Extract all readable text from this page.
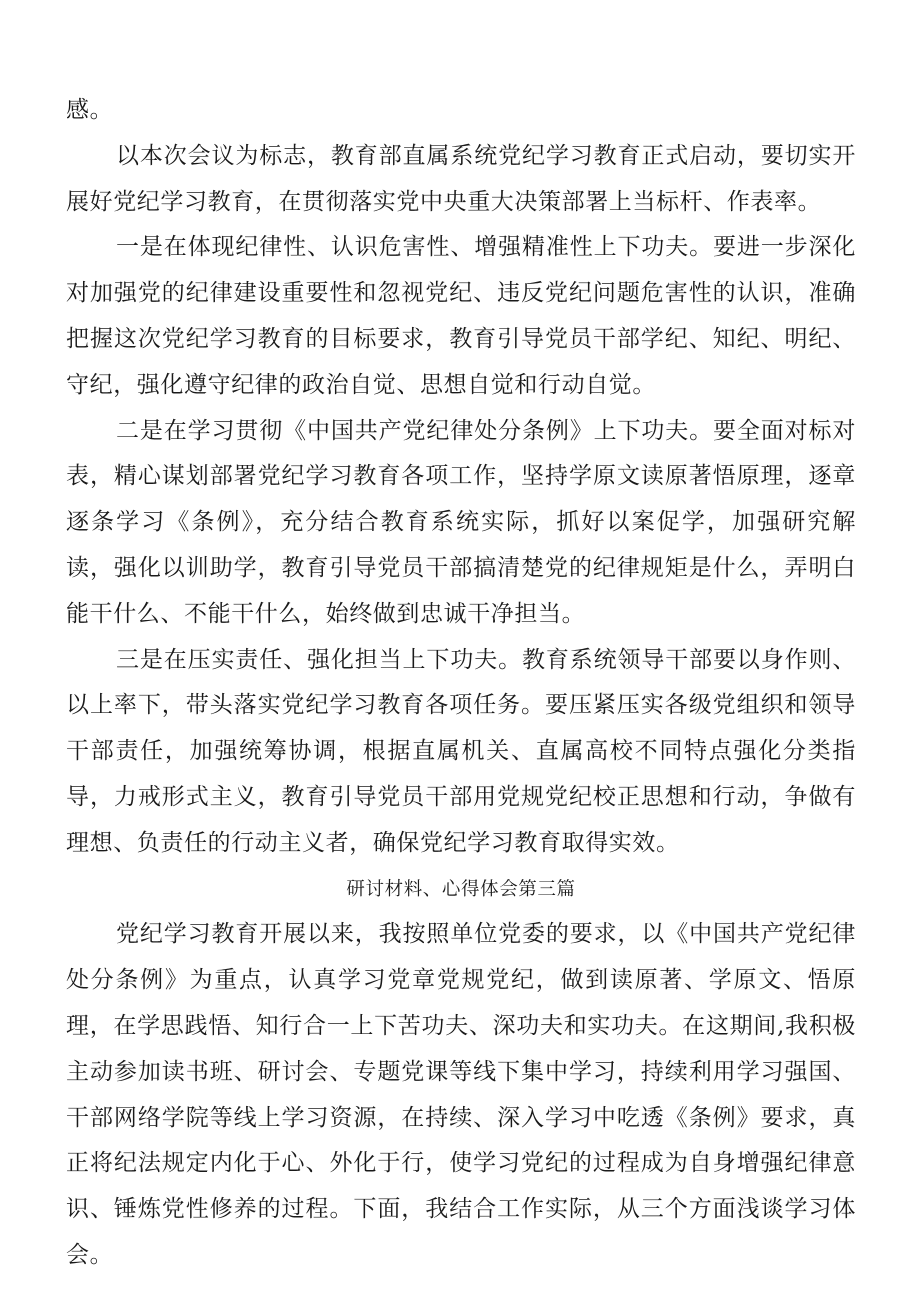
感。

以本次会议为标志，教育部直属系统党纪学习教育正式启动，要切实开展好党纪学习教育，在贯彻落实党中央重大决策部署上当标杆、作表率。

一是在体现纪律性、认识危害性、增强精准性上下功夫。要进一步深化对加强党的纪律建设重要性和忽视党纪、违反党纪问题危害性的认识，准确把握这次党纪学习教育的目标要求，教育引导党员干部学纪、知纪、明纪、守纪，强化遵守纪律的政治自觉、思想自觉和行动自觉。

二是在学习贯彻《中国共产党纪律处分条例》上下功夫。要全面对标对表，精心谋划部署党纪学习教育各项工作，坚持学原文读原著悟原理，逐章逐条学习《条例》，充分结合教育系统实际，抓好以案促学，加强研究解读，强化以训助学，教育引导党员干部搞清楚党的纪律规矩是什么，弄明白能干什么、不能干什么，始终做到忠诚干净担当。

三是在压实责任、强化担当上下功夫。教育系统领导干部要以身作则、以上率下，带头落实党纪学习教育各项任务。要压紧压实各级党组织和领导干部责任，加强统筹协调，根据直属机关、直属高校不同特点强化分类指导，力戒形式主义，教育引导党员干部用党规党纪校正思想和行动，争做有理想、负责任的行动主义者，确保党纪学习教育取得实效。

研讨材料、心得体会第三篇

党纪学习教育开展以来，我按照单位党委的要求，以《中国共产党纪律处分条例》为重点，认真学习党章党规党纪，做到读原著、学原文、悟原理，在学思践悟、知行合一上下苦功夫、深功夫和实功夫。在这期间,我积极主动参加读书班、研讨会、专题党课等线下集中学习，持续利用学习强国、干部网络学院等线上学习资源，在持续、深入学习中吃透《条例》要求，真正将纪法规定内化于心、外化于行，使学习党纪的过程成为自身增强纪律意识、锤炼党性修养的过程。下面，我结合工作实际，从三个方面浅谈学习体会。
